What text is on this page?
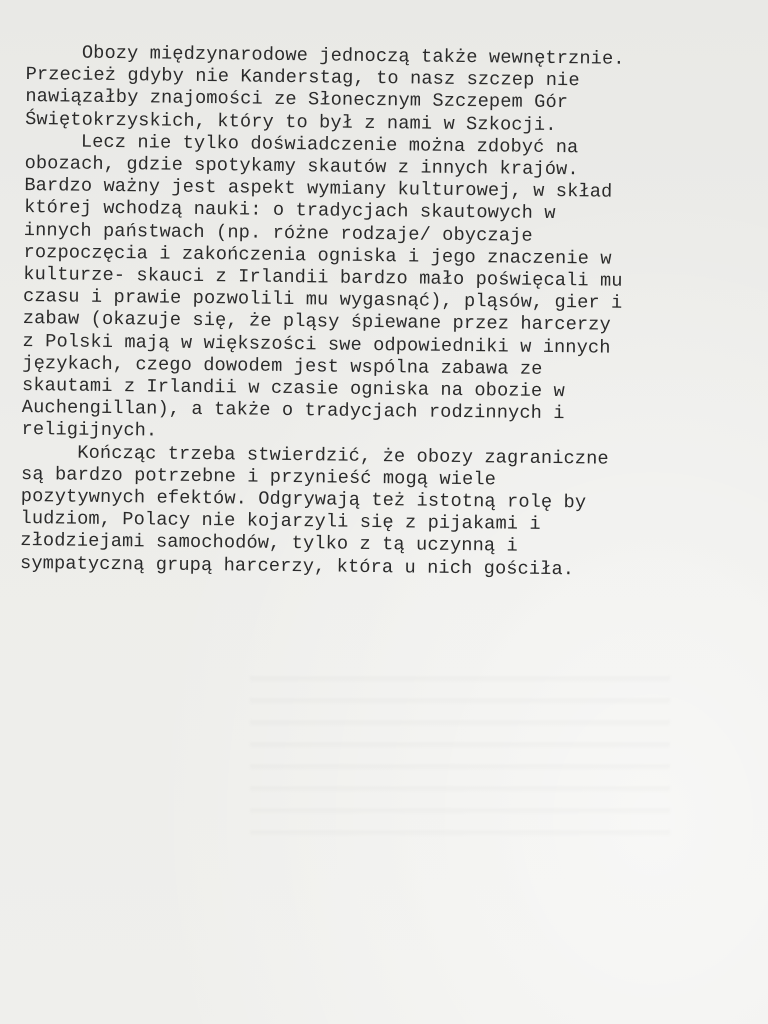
Obozy międzynarodowe jednoczą także wewnętrznie.
Przecież gdyby nie Kanderstag, to nasz szczep nie
nawiązałby znajomości ze Słonecznym Szczepem Gór
Świętokrzyskich, który to był z nami w Szkocji.
Lecz nie tylko doświadczenie można zdobyć na
obozach, gdzie spotykamy skautów z innych krajów.
Bardzo ważny jest aspekt wymiany kulturowej, w skład
której wchodzą nauki: o tradycjach skautowych w
innych państwach (np. różne rodzaje/ obyczaje
rozpoczęcia i zakończenia ogniska i jego znaczenie w
kulturze- skauci z Irlandii bardzo mało poświęcali mu
czasu i prawie pozwolili mu wygasnąć), pląsów, gier i
zabaw (okazuje się, że pląsy śpiewane przez harcerzy
z Polski mają w większości swe odpowiedniki w innych
językach, czego dowodem jest wspólna zabawa ze
skautami z Irlandii w czasie ogniska na obozie w
Auchengillan), a także o tradycjach rodzinnych i
religijnych.
Kończąc trzeba stwierdzić, że obozy zagraniczne
są bardzo potrzebne i przynieść mogą wiele
pozytywnych efektów. Odgrywają też istotną rolę by
ludziom, Polacy nie kojarzyli się z pijakami i
złodziejami samochodów, tylko z tą uczynną i
sympatyczną grupą harcerzy, która u nich gościła.
